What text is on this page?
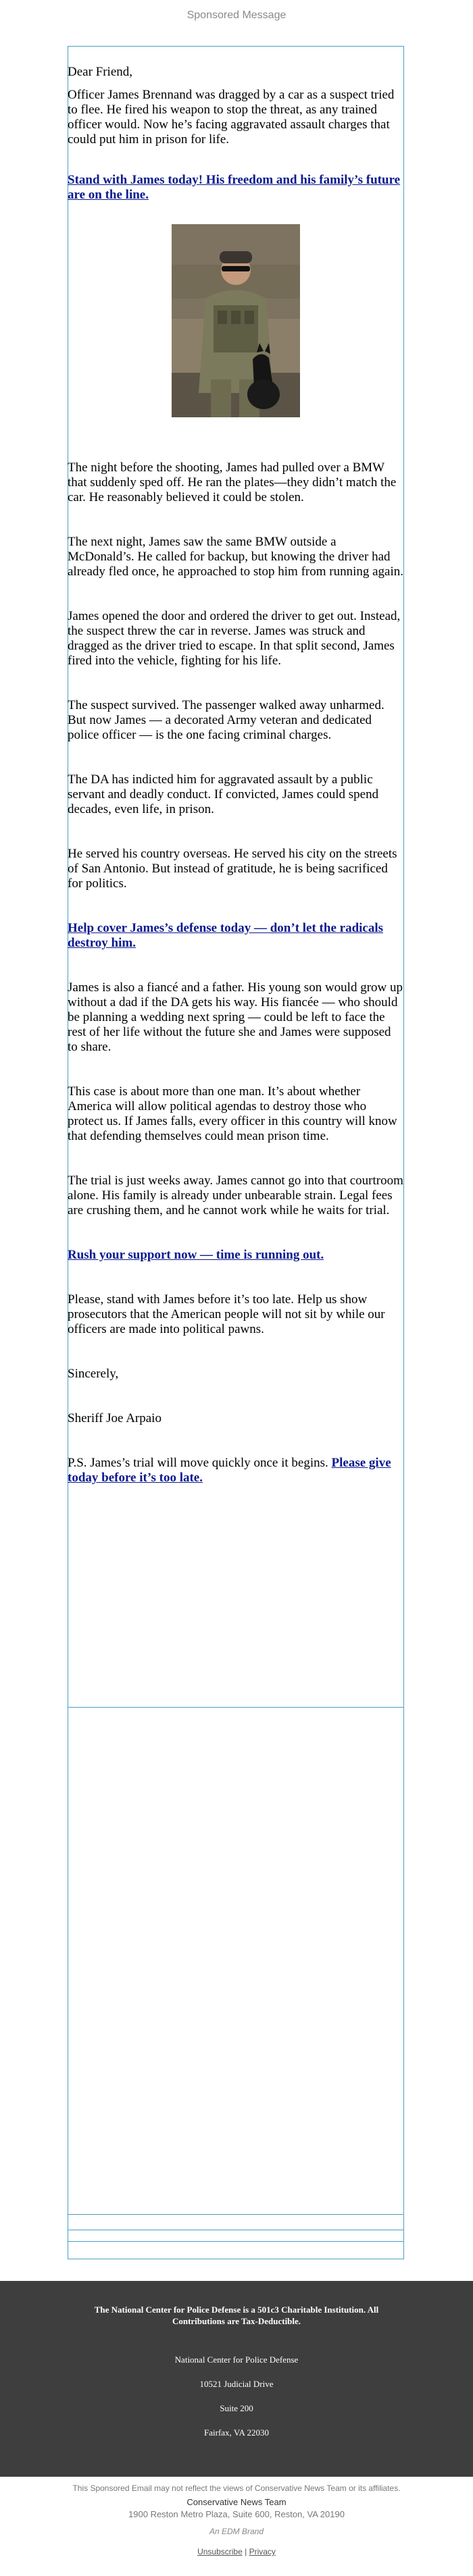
Sponsored Message

Dear Friend,

Officer James Brennand was dragged by a car as a suspect tried to flee. He fired his weapon to stop the threat, as any trained officer would. Now he’s facing aggravated assault charges that could put him in prison for life.

Stand with James today! His freedom and his family’s future are on the line.

The night before the shooting, James had pulled over a BMW that suddenly sped off. He ran the plates—they didn’t match the car. He reasonably believed it could be stolen.

The next night, James saw the same BMW outside a McDonald’s. He called for backup, but knowing the driver had already fled once, he approached to stop him from running again.

James opened the door and ordered the driver to get out. Instead, the suspect threw the car in reverse. James was struck and dragged as the driver tried to escape. In that split second, James fired into the vehicle, fighting for his life.

The suspect survived. The passenger walked away unharmed. But now James — a decorated Army veteran and dedicated police officer — is the one facing criminal charges.

The DA has indicted him for aggravated assault by a public servant and deadly conduct. If convicted, James could spend decades, even life, in prison.

He served his country overseas. He served his city on the streets of San Antonio. But instead of gratitude, he is being sacrificed for politics.

Help cover James’s defense today — don’t let the radicals destroy him.

James is also a fiancé and a father. His young son would grow up without a dad if the DA gets his way. His fiancée — who should be planning a wedding next spring — could be left to face the rest of her life without the future she and James were supposed to share.

This case is about more than one man. It’s about whether America will allow political agendas to destroy those who protect us. If James falls, every officer in this country will know that defending themselves could mean prison time.

The trial is just weeks away. James cannot go into that courtroom alone. His family is already under unbearable strain. Legal fees are crushing them, and he cannot work while he waits for trial.

Rush your support now — time is running out.

Please, stand with James before it’s too late. Help us show prosecutors that the American people will not sit by while our officers are made into political pawns.

Sincerely,

Sheriff Joe Arpaio

P.S. James’s trial will move quickly once it begins. Please give today before it’s too late.

The National Center for Police Defense is a 501c3 Charitable Institution. All Contributions are Tax-Deductible.
National Center for Police Defense
10521 Judicial Drive
Suite 200
Fairfax, VA 22030
This Sponsored Email may not reflect the views of Conservative News Team or its affiliates.
Conservative News Team
1900 Reston Metro Plaza, Suite 600, Reston, VA 20190
An EDM Brand
Unsubscribe | Privacy
